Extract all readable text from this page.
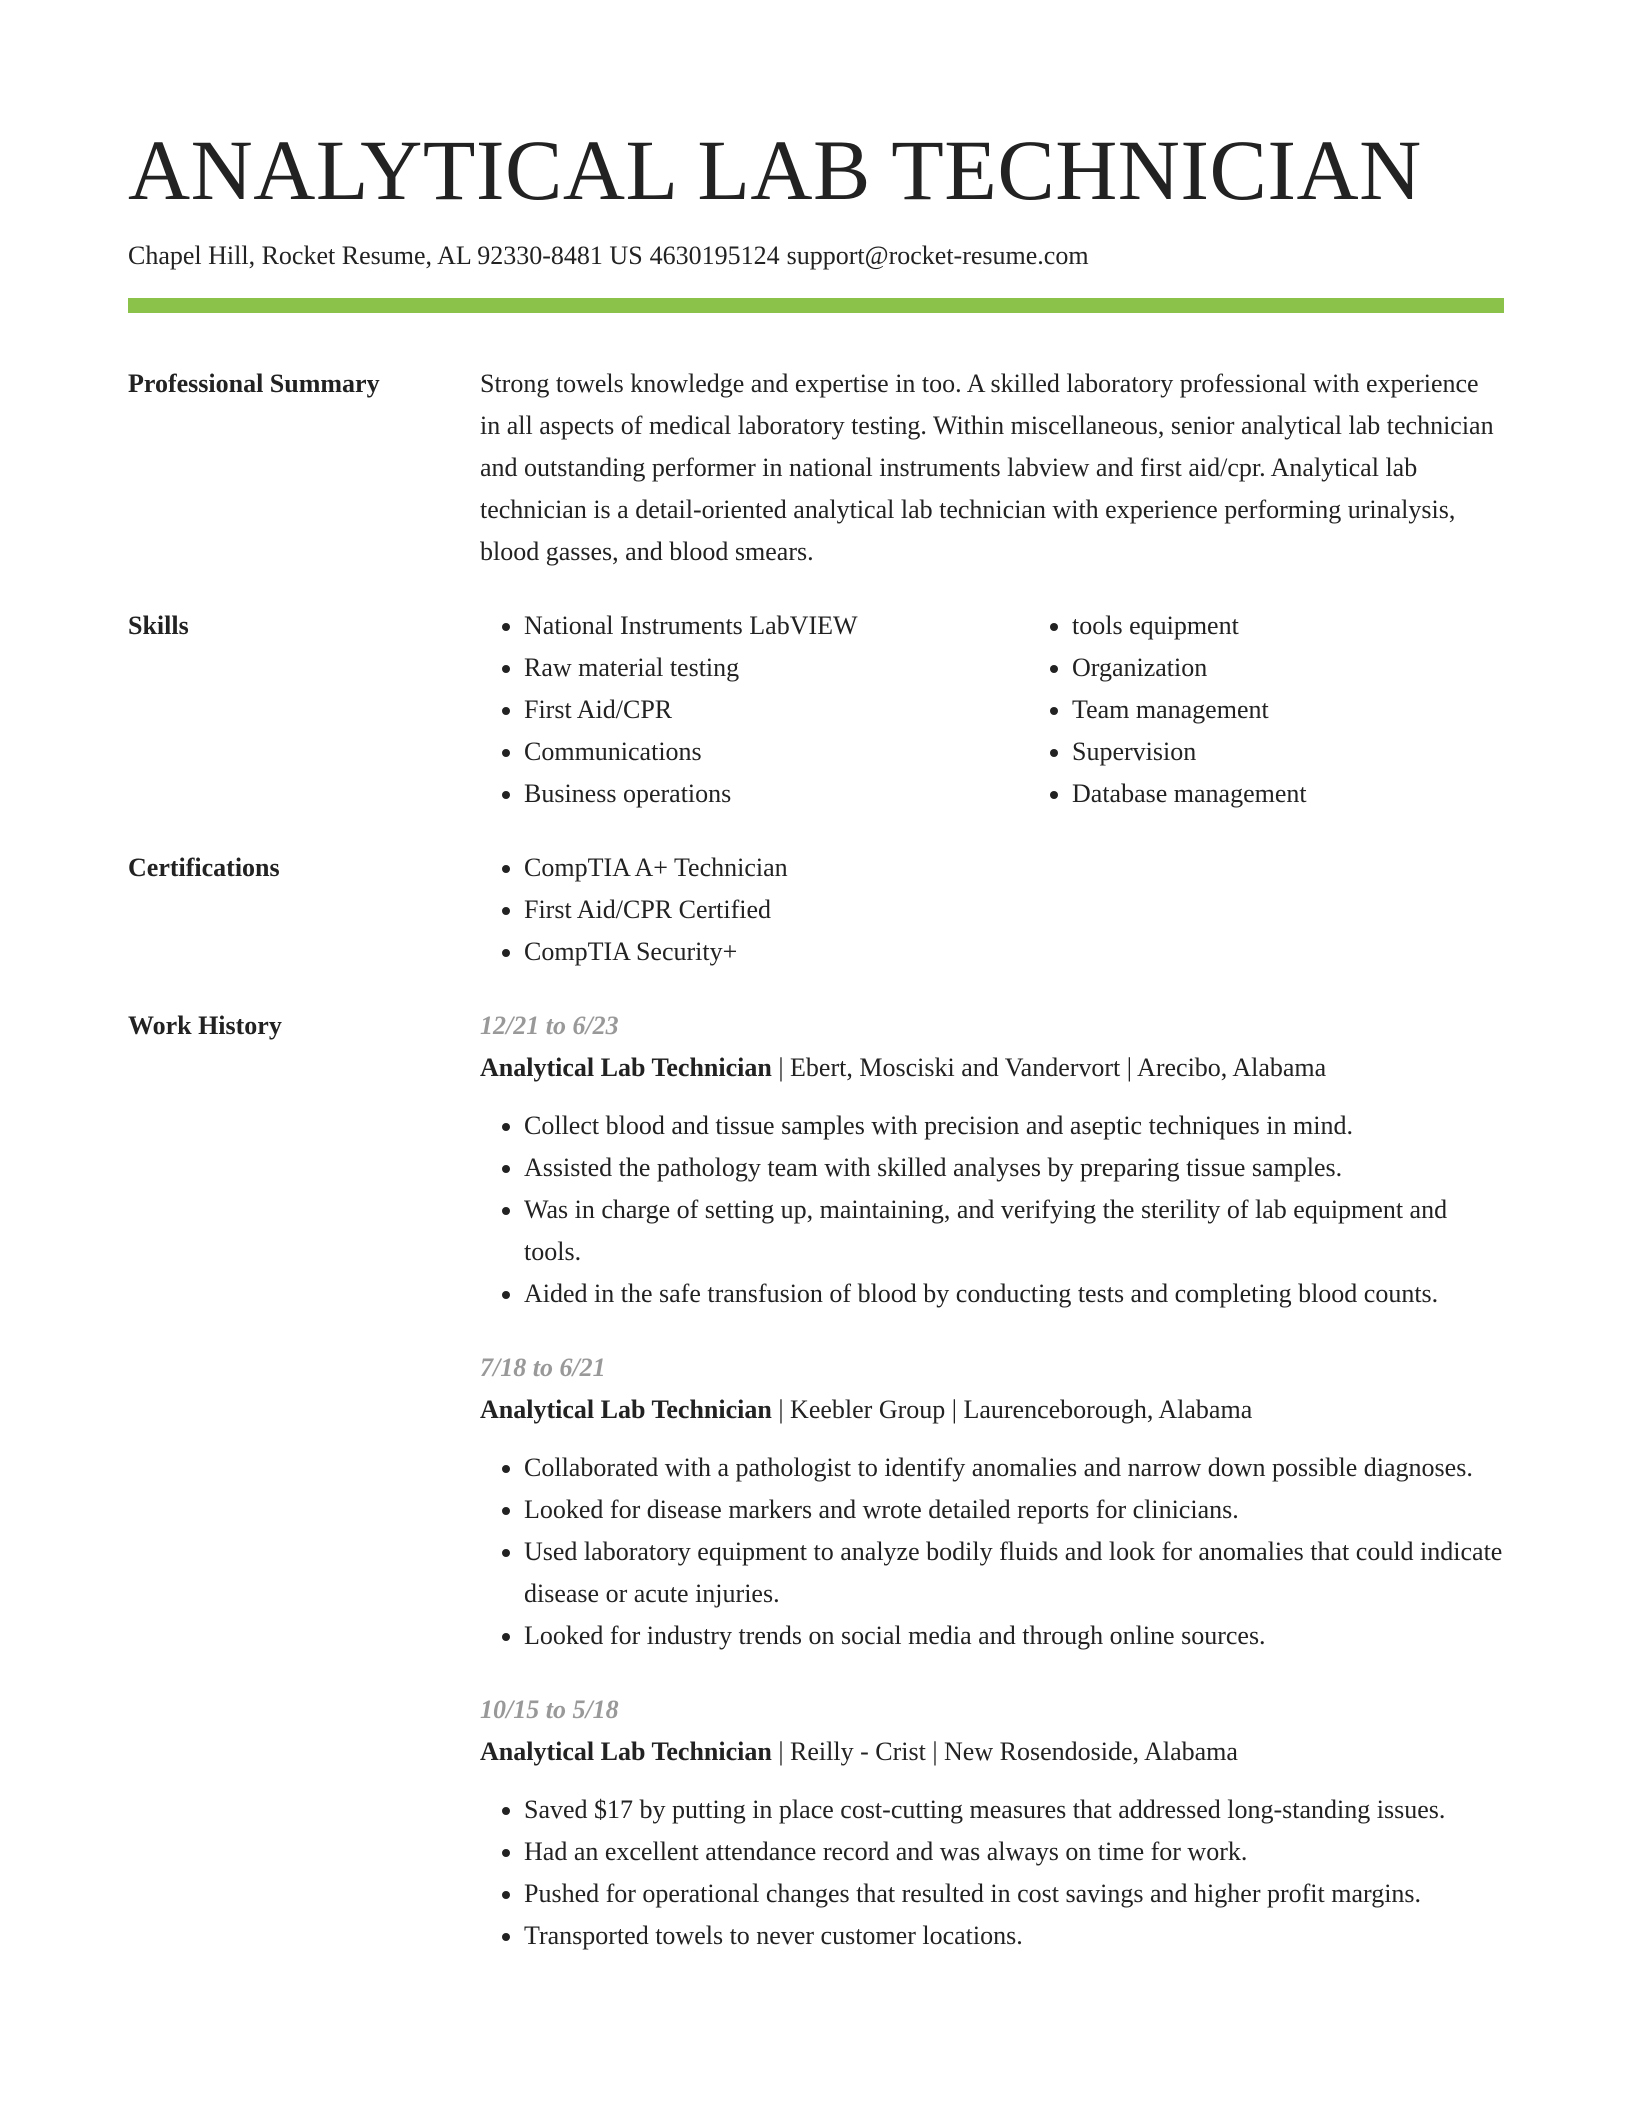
ANALYTICAL LAB TECHNICIAN
Chapel Hill, Rocket Resume, AL 92330-8481 US 4630195124 support@rocket-resume.com
Professional Summary	Strong towels knowledge and expertise in too. A skilled laboratory professional with experience in all aspects of medical laboratory testing. Within miscellaneous, senior analytical lab technician and outstanding performer in national instruments labview and first aid/cpr. Analytical lab technician is a detail-oriented analytical lab technician with experience performing urinalysis, blood gasses, and blood smears.
Skills	• National Instruments LabVIEW
• Raw material testing
• First Aid/CPR
• Communications
• Business operations
• tools equipment
• Organization
• Team management
• Supervision
• Database management
Certifications	• CompTIA A+ Technician
• First Aid/CPR Certified
• CompTIA Security+
Work History	12/21 to 6/23
Analytical Lab Technician | Ebert, Mosciski and Vandervort | Arecibo, Alabama
• Collect blood and tissue samples with precision and aseptic techniques in mind.
• Assisted the pathology team with skilled analyses by preparing tissue samples.
• Was in charge of setting up, maintaining, and verifying the sterility of lab equipment and tools.
• Aided in the safe transfusion of blood by conducting tests and completing blood counts.
7/18 to 6/21
Analytical Lab Technician | Keebler Group | Laurenceborough, Alabama
• Collaborated with a pathologist to identify anomalies and narrow down possible diagnoses.
• Looked for disease markers and wrote detailed reports for clinicians.
• Used laboratory equipment to analyze bodily fluids and look for anomalies that could indicate disease or acute injuries.
• Looked for industry trends on social media and through online sources.
10/15 to 5/18
Analytical Lab Technician | Reilly - Crist | New Rosendoside, Alabama
• Saved $17 by putting in place cost-cutting measures that addressed long-standing issues.
• Had an excellent attendance record and was always on time for work.
• Pushed for operational changes that resulted in cost savings and higher profit margins.
• Transported towels to never customer locations.
